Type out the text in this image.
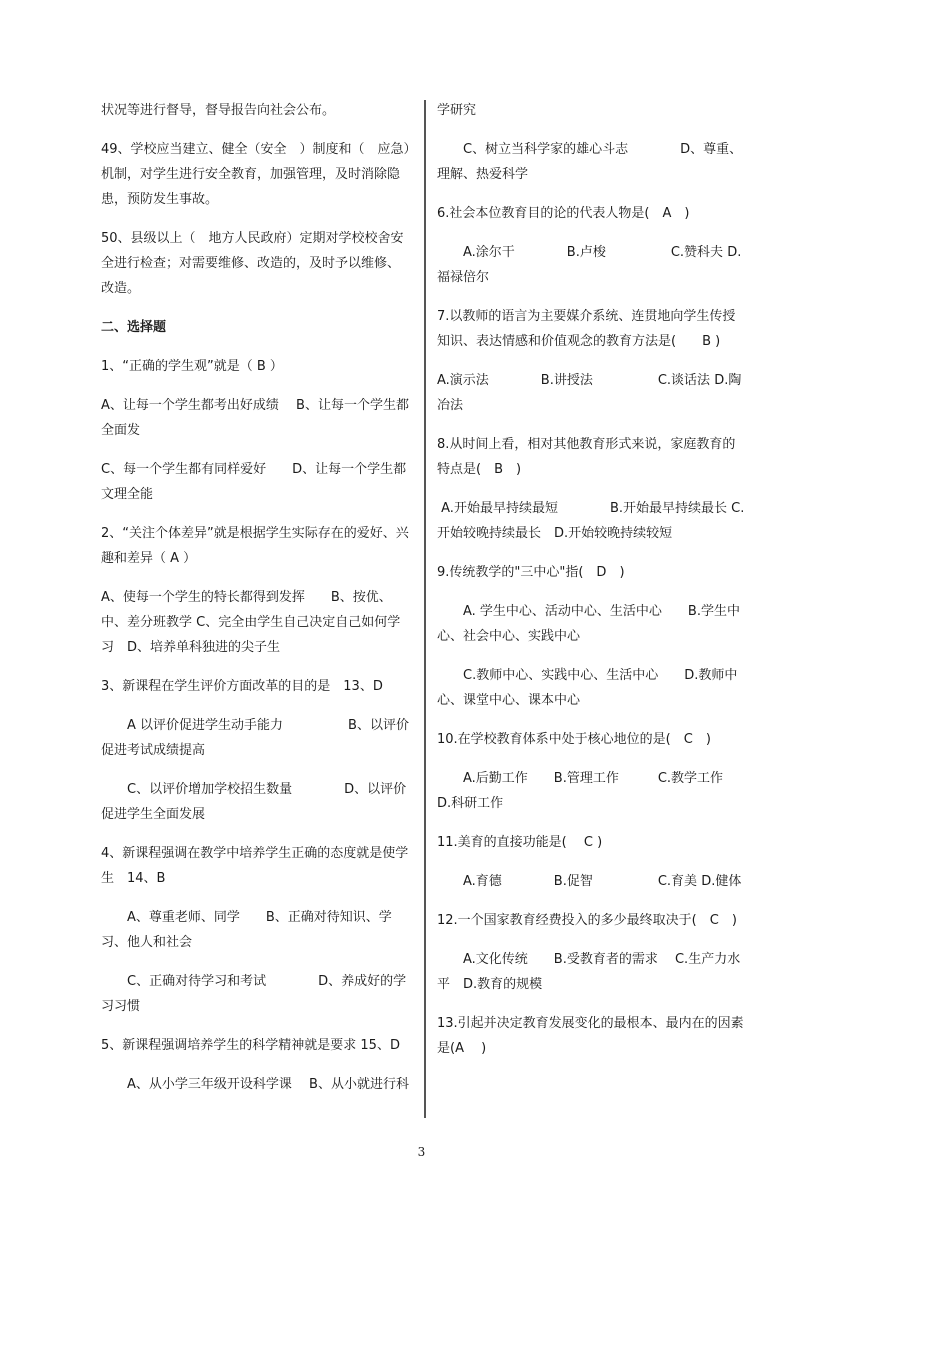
状况等进行督导，督导报告向社会公布。

49、学校应当建立、健全（安全　）制度和（　应急）机制，对学生进行安全教育，加强管理，及时消除隐患，预防发生事故。

50、县级以上（　地方人民政府）定期对学校校舍安全进行检查；对需要维修、改造的，及时予以维修、改造。

二、选择题

1、“正确的学生观”就是（ B ）

A、让每一个学生都考出好成绩　 B、让每一个学生都全面发

C、每一个学生都有同样爱好　　D、让每一个学生都文理全能

2、“关注个体差异”就是根据学生实际存在的爱好、兴趣和差异（ A ）

A、使每一个学生的特长都得到发挥　　B、按优、中、差分班教学 C、完全由学生自己决定自己如何学习　D、培养单科独进的尖子生

3、新课程在学生评价方面改革的目的是　13、D

　　A 以评价促进学生动手能力　　　　　B、以评价促进考试成绩提高

　　C、以评价增加学校招生数量　　　　D、以评价促进学生全面发展

4、新课程强调在教学中培养学生正确的态度就是使学生　14、B

　　A、尊重老师、同学　　B、正确对待知识、学习、他人和社会

　　C、正确对待学习和考试　　　　D、养成好的学习习惯

5、新课程强调培养学生的科学精神就是要求 15、D

　　A、从小学三年级开设科学课　 B、从小就进行科

学研究

　　C、树立当科学家的雄心斗志　　　　D、尊重、理解、热爱科学

6.社会本位教育目的论的代表人物是(　A　)

　　A.涂尔干　　　　B.卢梭　　　　　C.赞科夫 D.福禄倍尔

7.以教师的语言为主要媒介系统、连贯地向学生传授知识、表达情感和价值观念的教育方法是(　　B )

A.演示法　　　　B.讲授法　　　　　C.谈话法 D.陶冶法

8.从时间上看，相对其他教育形式来说，家庭教育的特点是(　B　)

A.开始最早持续最短　　　　B.开始最早持续最长 C.开始较晚持续最长　D.开始较晚持续较短

9.传统教学的"三中心"指(　D　)

　　A. 学生中心、活动中心、生活中心　　B.学生中心、社会中心、实践中心

　　C.教师中心、实践中心、生活中心　　D.教师中心、课堂中心、课本中心

10.在学校教育体系中处于核心地位的是(　C　)

　　A.后勤工作　　B.管理工作　　　C.教学工作　　D.科研工作

11.美育的直接功能是(　 C )

　　A.育德　　　　B.促智　　　　　C.育美 D.健体

12.一个国家教育经费投入的多少最终取决于(　C　)

　　A.文化传统　　B.受教育者的需求　 C.生产力水平　D.教育的规模

13.引起并决定教育发展变化的最根本、最内在的因素是(A　 )

3
